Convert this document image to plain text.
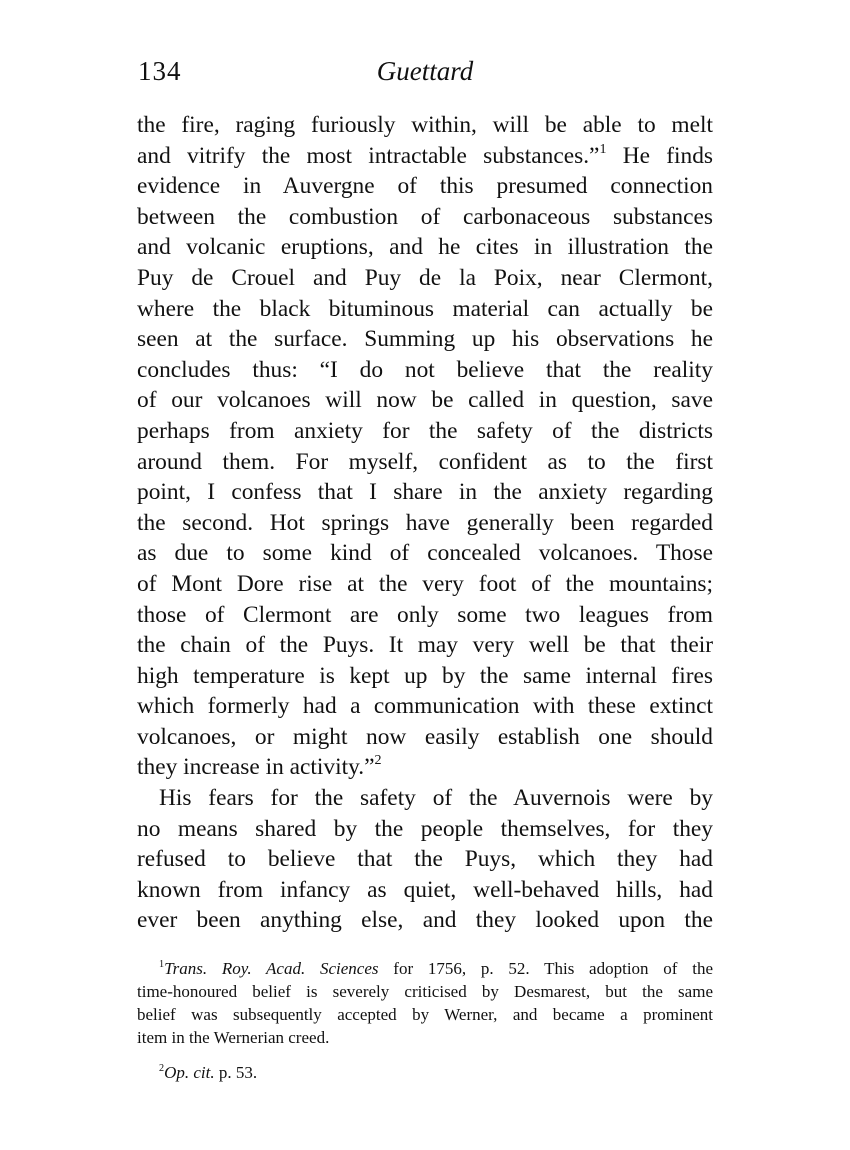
134	Guettard
the fire, raging furiously within, will be able to melt
and vitrify the most intractable substances.”$^1$ He finds
evidence in Auvergne of this presumed connection
between the combustion of carbonaceous substances
and volcanic eruptions, and he cites in illustration the
Puy de Crouel and Puy de la Poix, near Clermont,
where the black bituminous material can actually be
seen at the surface. Summing up his observations he
concludes thus: “I do not believe that the reality
of our volcanoes will now be called in question, save
perhaps from anxiety for the safety of the districts
around them. For myself, confident as to the first
point, I confess that I share in the anxiety regarding
the second. Hot springs have generally been regarded
as due to some kind of concealed volcanoes. Those
of Mont Dore rise at the very foot of the mountains;
those of Clermont are only some two leagues from
the chain of the Puys. It may very well be that their
high temperature is kept up by the same internal fires
which formerly had a communication with these extinct
volcanoes, or might now easily establish one should
they increase in activity.”$^2$
His fears for the safety of the Auvernois were by
no means shared by the people themselves, for they
refused to believe that the Puys, which they had
known from infancy as quiet, well-behaved hills, had
ever been anything else, and they looked upon the
$^1$Trans. Roy. Acad. Sciences for 1756, p. 52. This adoption of the
time-honoured belief is severely criticised by Desmarest, but the same
belief was subsequently accepted by Werner, and became a prominent
item in the Wernerian creed.
$^2$Op. cit. p. 53.
